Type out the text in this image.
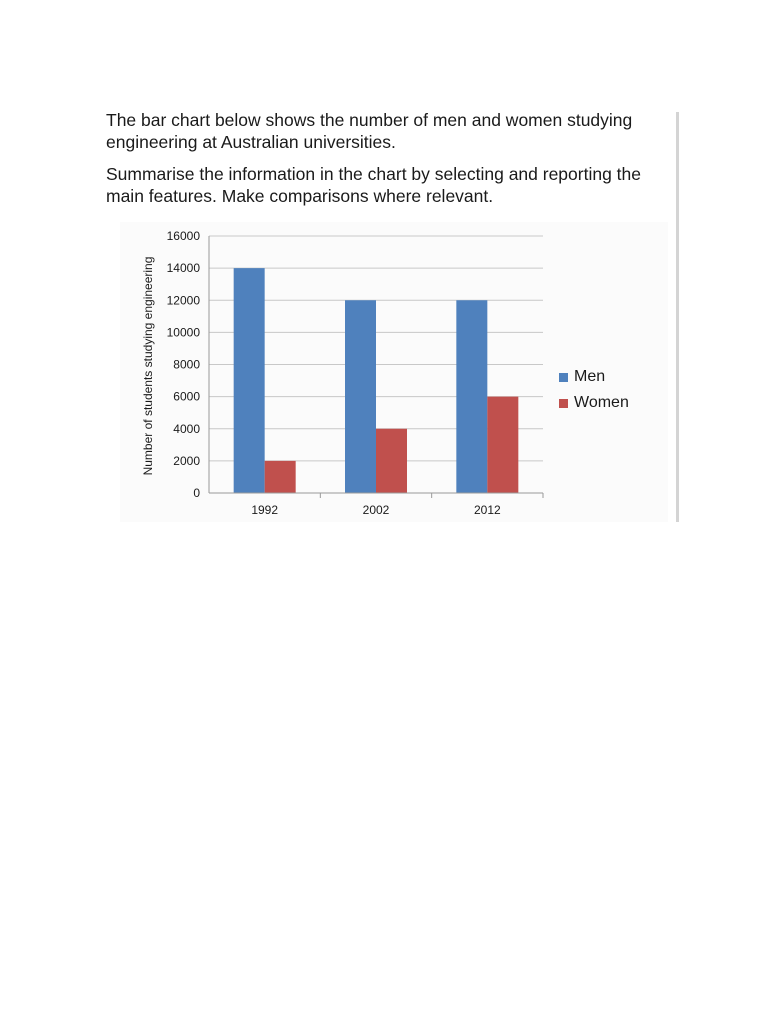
The bar chart below shows the number of men and women studying
engineering at Australian universities.

Summarise the information in the chart by selecting and reporting the
main features. Make comparisons where relevant.

0
2000
4000
6000
8000
10000
12000
14000
16000
1992	2002	2012
Number of students studying engineering	Men
Women
